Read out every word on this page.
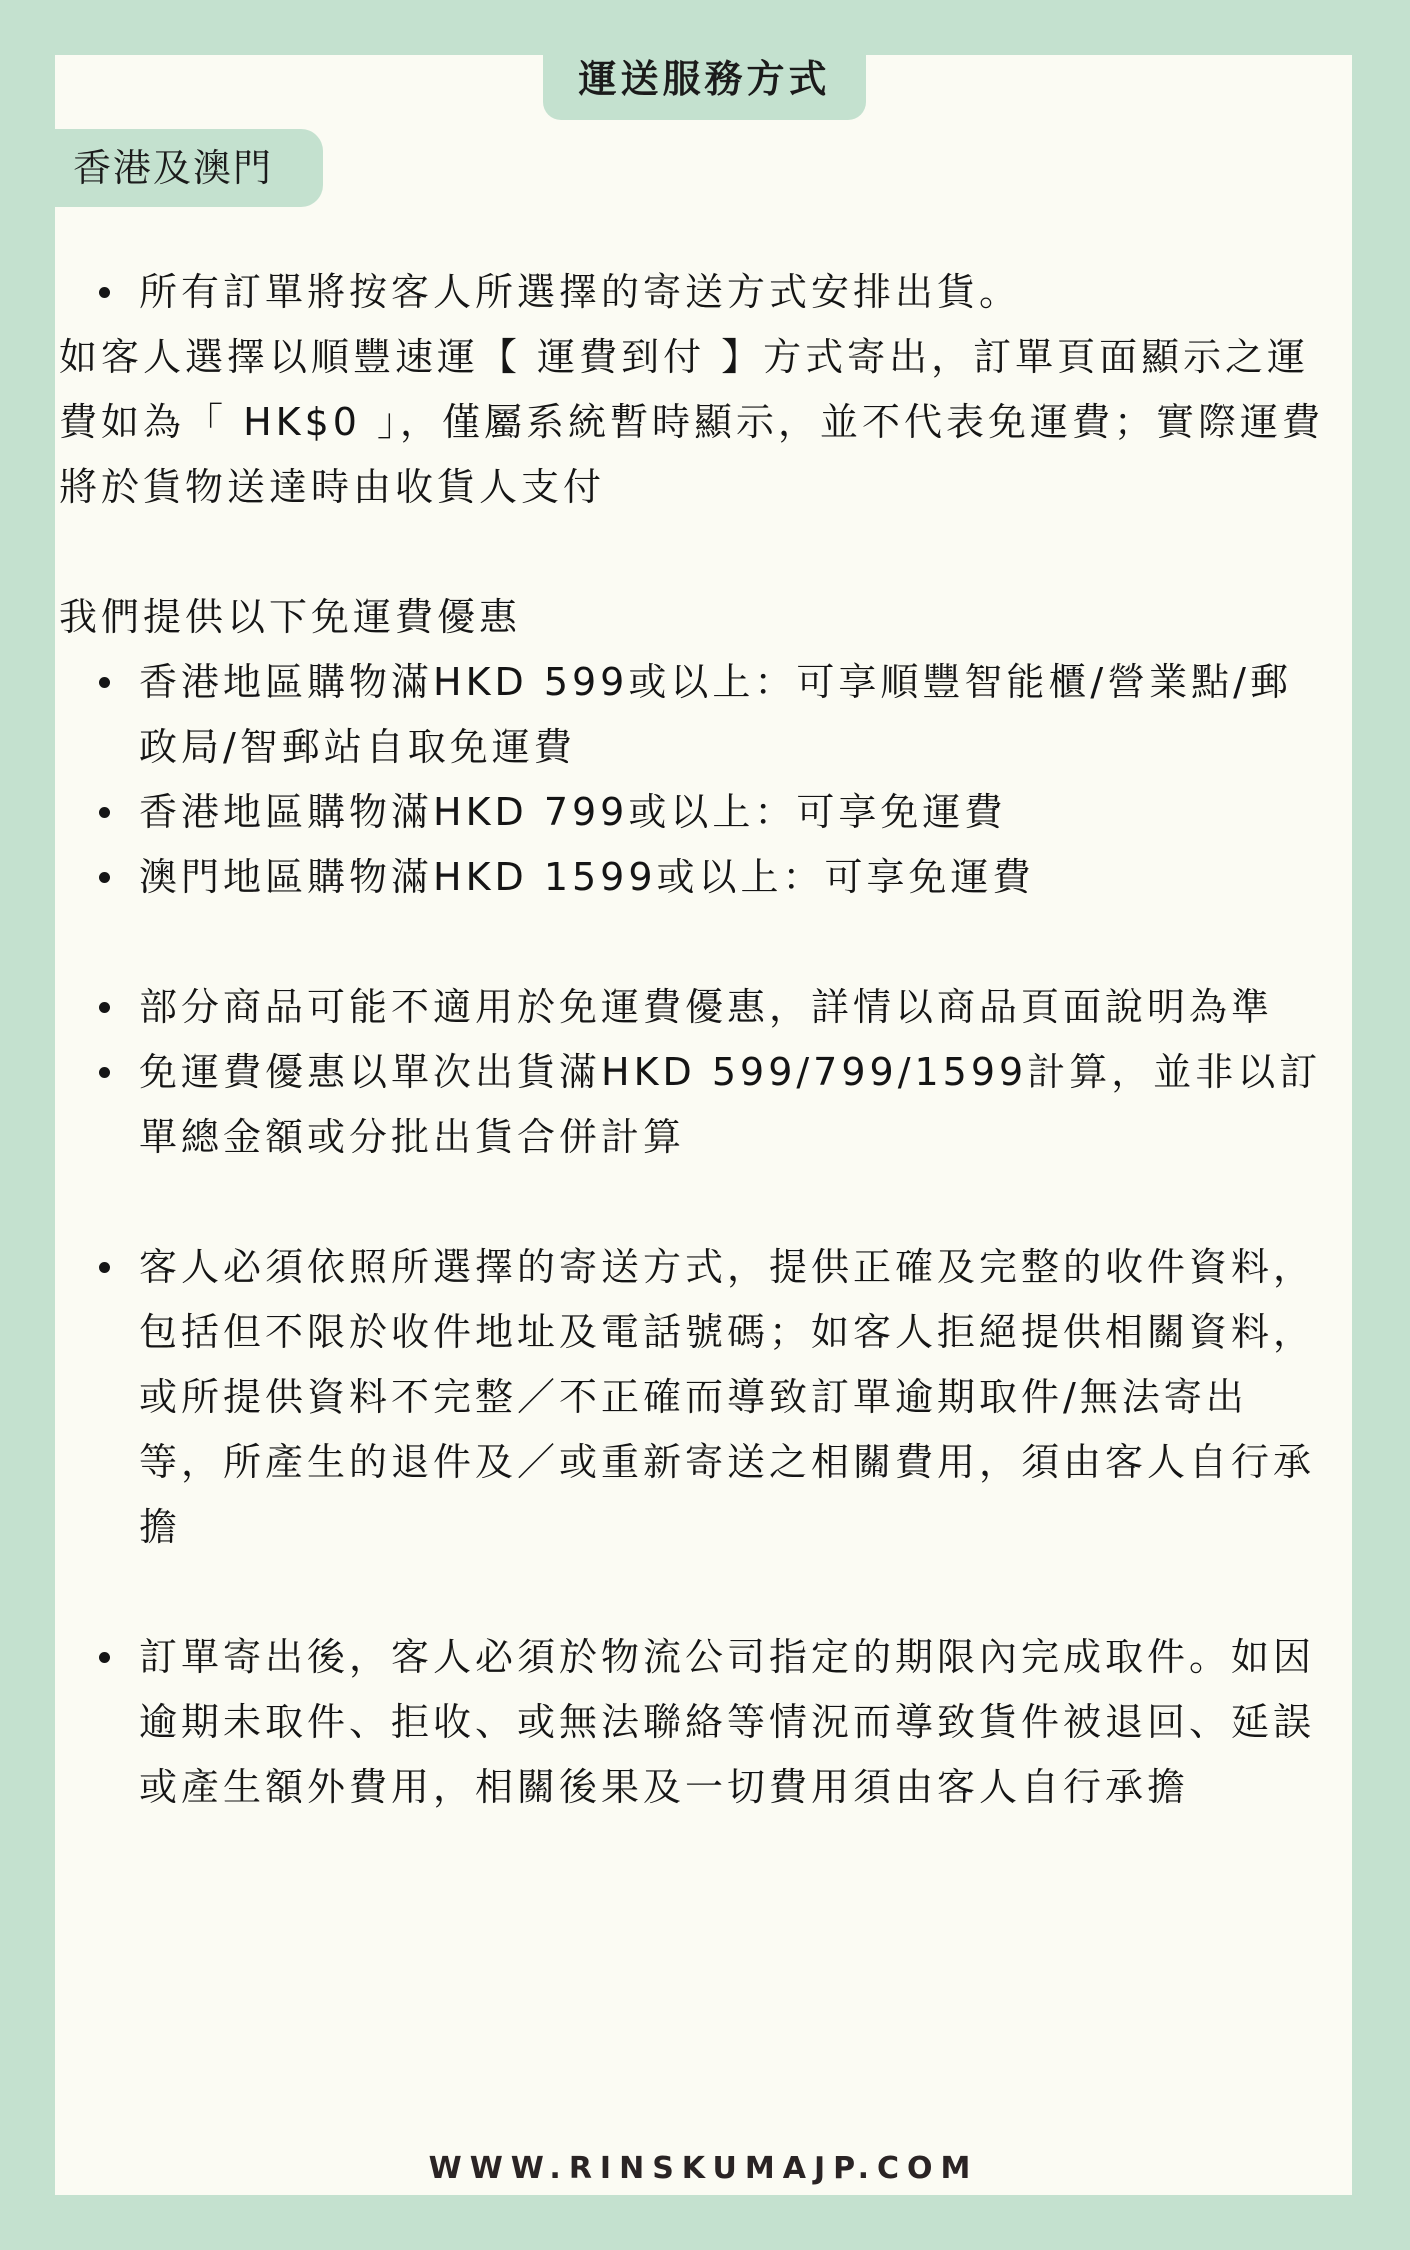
運送服務方式
香港及澳門
所有訂單將按客人所選擇的寄送方式安排出貨。

如客人選擇以順豐速運【 運費到付 】方式寄出，訂單頁面顯示之運費如為「 HK$0 」，僅屬系統暫時顯示，並不代表免運費；實際運費將於貨物送達時由收貨人支付

我們提供以下免運費優惠

香港地區購物滿HKD 599或以上：可享順豐智能櫃/營業點/郵政局/智郵站自取免運費
香港地區購物滿HKD 799或以上：可享免運費
澳門地區購物滿HKD 1599或以上：可享免運費
部分商品可能不適用於免運費優惠，詳情以商品頁面說明為準
免運費優惠以單次出貨滿HKD 599/799/1599計算，並非以訂單總金額或分批出貨合併計算
客人必須依照所選擇的寄送方式，提供正確及完整的收件資料，包括但不限於收件地址及電話號碼；如客人拒絕提供相關資料，或所提供資料不完整／不正確而導致訂單逾期取件/無法寄出等，所產生的退件及／或重新寄送之相關費用，須由客人自行承擔
訂單寄出後，客人必須於物流公司指定的期限內完成取件。如因逾期未取件、拒收、或無法聯絡等情況而導致貨件被退回、延誤或產生額外費用，相關後果及一切費用須由客人自行承擔
WWW.RINSKUMAJP.COM
